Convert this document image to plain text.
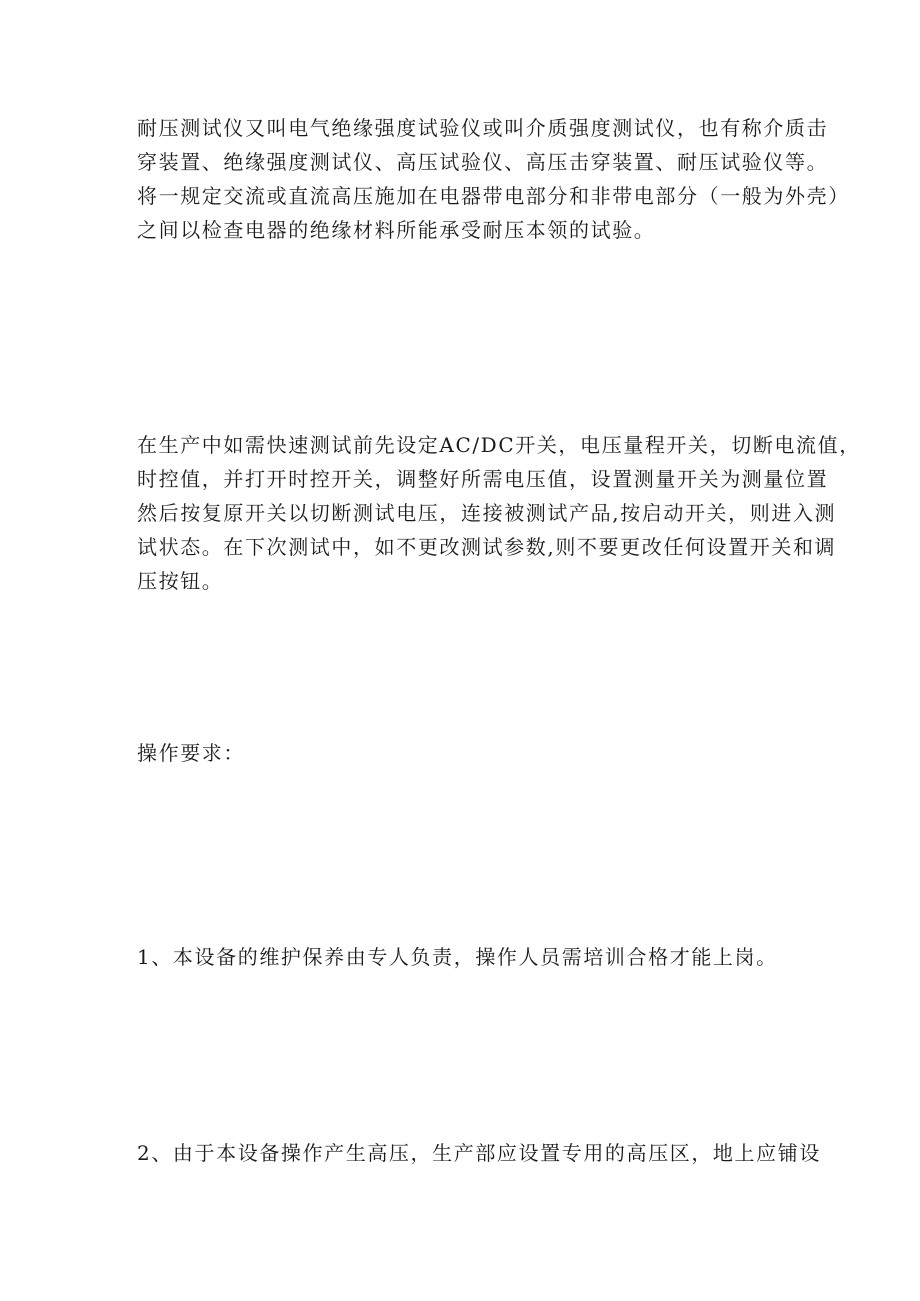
耐压测试仪又叫电气绝缘强度试验仪或叫介质强度测试仪，也有称介质击
穿装置、绝缘强度测试仪、高压试验仪、高压击穿装置、耐压试验仪等。
将一规定交流或直流高压施加在电器带电部分和非带电部分（一般为外壳）
之间以检查电器的绝缘材料所能承受耐压本领的试验。

在生产中如需快速测试前先设定AC/DC开关，电压量程开关，切断电流值，
时控值，并打开时控开关，调整好所需电压值，设置测量开关为测量位置
然后按复原开关以切断测试电压，连接被测试产品,按启动开关，则进入测
试状态。在下次测试中，如不更改测试参数,则不要更改任何设置开关和调
压按钮。

操作要求：

1、本设备的维护保养由专人负责，操作人员需培训合格才能上岗。

2、由于本设备操作产生高压，生产部应设置专用的高压区，地上应铺设
